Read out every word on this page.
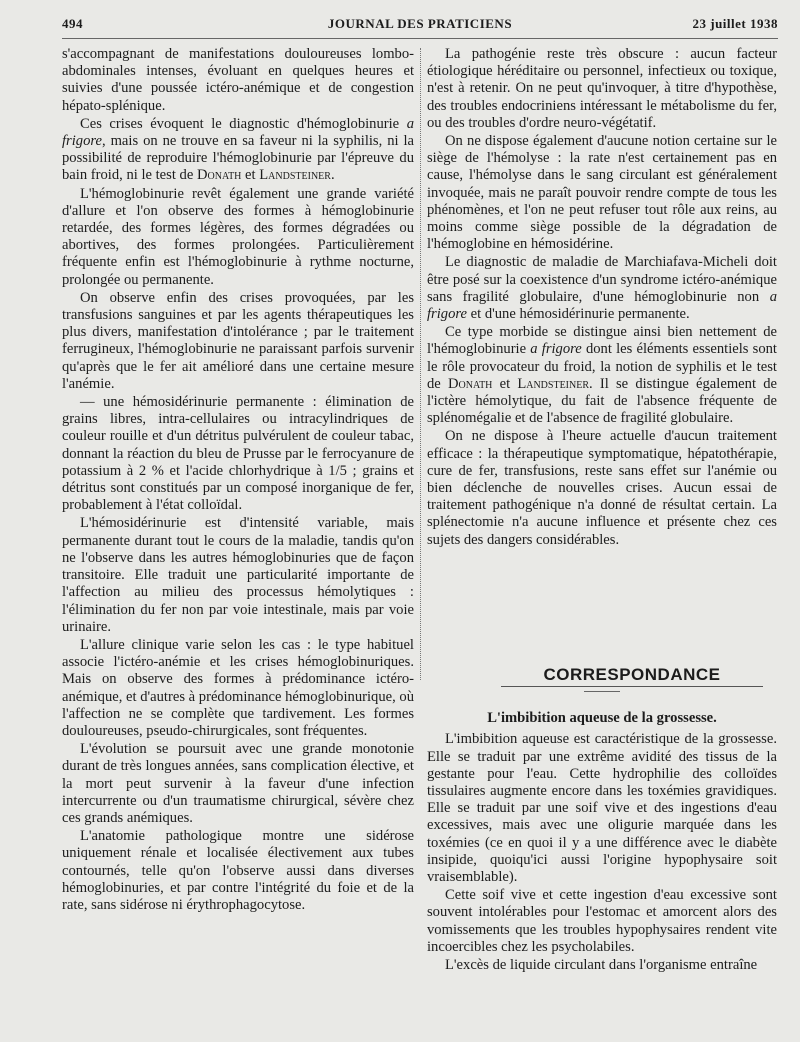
494	JOURNAL DES PRATICIENS	23 juillet 1938

s'accompagnant de manifestations douloureuses lombo-abdominales intenses, évoluant en quelques heures et suivies d'une poussée ictéro-anémique et de congestion hépato-splénique.

Ces crises évoquent le diagnostic d'hémoglobinurie a frigore, mais on ne trouve en sa faveur ni la syphilis, ni la possibilité de reproduire l'hémoglobinurie par l'épreuve du bain froid, ni le test de Donath et Landsteiner.

L'hémoglobinurie revêt également une grande variété d'allure et l'on observe des formes à hémoglobinurie retardée, des formes légères, des formes dégradées ou abortives, des formes prolongées. Particulièrement fréquente enfin est l'hémoglobinurie à rythme nocturne, prolongée ou permanente.

On observe enfin des crises provoquées, par les transfusions sanguines et par les agents thérapeutiques les plus divers, manifestation d'intolérance ; par le traitement ferrugineux, l'hémoglobinurie ne paraissant parfois survenir qu'après que le fer ait amélioré dans une certaine mesure l'anémie.

— une hémosidérinurie permanente : élimination de grains libres, intra-cellulaires ou intracylindriques de couleur rouille et d'un détritus pulvérulent de couleur tabac, donnant la réaction du bleu de Prusse par le ferrocyanure de potassium à 2 % et l'acide chlorhydrique à 1/5 ; grains et détritus sont constitués par un composé inorganique de fer, probablement à l'état colloïdal.

L'hémosidérinurie est d'intensité variable, mais permanente durant tout le cours de la maladie, tandis qu'on ne l'observe dans les autres hémoglobinuries que de façon transitoire. Elle traduit une particularité importante de l'affection au milieu des processus hémolytiques : l'élimination du fer non par voie intestinale, mais par voie urinaire.

L'allure clinique varie selon les cas : le type habituel associe l'ictéro-anémie et les crises hémoglobinuriques. Mais on observe des formes à prédominance ictéro-anémique, et d'autres à prédominance hémoglobinurique, où l'affection ne se complète que tardivement. Les formes douloureuses, pseudo-chirurgicales, sont fréquentes.

L'évolution se poursuit avec une grande monotonie durant de très longues années, sans complication élective, et la mort peut survenir à la faveur d'une infection intercurrente ou d'un traumatisme chirurgical, sévère chez ces grands anémiques.

L'anatomie pathologique montre une sidérose uniquement rénale et localisée électivement aux tubes contournés, telle qu'on l'observe aussi dans diverses hémoglobinuries, et par contre l'intégrité du foie et de la rate, sans sidérose ni érythrophagocytose.

La pathogénie reste très obscure : aucun facteur étiologique héréditaire ou personnel, infectieux ou toxique, n'est à retenir. On ne peut qu'invoquer, à titre d'hypothèse, des troubles endocriniens intéressant le métabolisme du fer, ou des troubles d'ordre neuro-végétatif.

On ne dispose également d'aucune notion certaine sur le siège de l'hémolyse : la rate n'est certainement pas en cause, l'hémolyse dans le sang circulant est généralement invoquée, mais ne paraît pouvoir rendre compte de tous les phénomènes, et l'on ne peut refuser tout rôle aux reins, au moins comme siège possible de la dégradation de l'hémoglobine en hémosidérine.

Le diagnostic de maladie de Marchiafava-Micheli doit être posé sur la coexistence d'un syndrome ictéro-anémique sans fragilité globulaire, d'une hémoglobinurie non a frigore et d'une hémosidérinurie permanente.

Ce type morbide se distingue ainsi bien nettement de l'hémoglobinurie a frigore dont les éléments essentiels sont le rôle provocateur du froid, la notion de syphilis et le test de Donath et Landsteiner. Il se distingue également de l'ictère hémolytique, du fait de l'absence fréquente de splénomégalie et de l'absence de fragilité globulaire.

On ne dispose à l'heure actuelle d'aucun traitement efficace : la thérapeutique symptomatique, hépatothérapie, cure de fer, transfusions, reste sans effet sur l'anémie ou bien déclenche de nouvelles crises. Aucun essai de traitement pathogénique n'a donné de résultat certain. La splénectomie n'a aucune influence et présente chez ces sujets des dangers considérables.

CORRESPONDANCE
L'imbibition aqueuse de la grossesse.

L'imbibition aqueuse est caractéristique de la grossesse. Elle se traduit par une extrême avidité des tissus de la gestante pour l'eau. Cette hydrophilie des colloïdes tissulaires augmente encore dans les toxémies gravidiques. Elle se traduit par une soif vive et des ingestions d'eau excessives, mais avec une oligurie marquée dans les toxémies (ce en quoi il y a une différence avec le diabète insipide, quoiqu'ici aussi l'origine hypophysaire soit vraisemblable).

Cette soif vive et cette ingestion d'eau excessive sont souvent intolérables pour l'estomac et amorcent alors des vomissements que les troubles hypophysaires rendent vite incoercibles chez les psycholabiles.

L'excès de liquide circulant dans l'organisme entraîne
